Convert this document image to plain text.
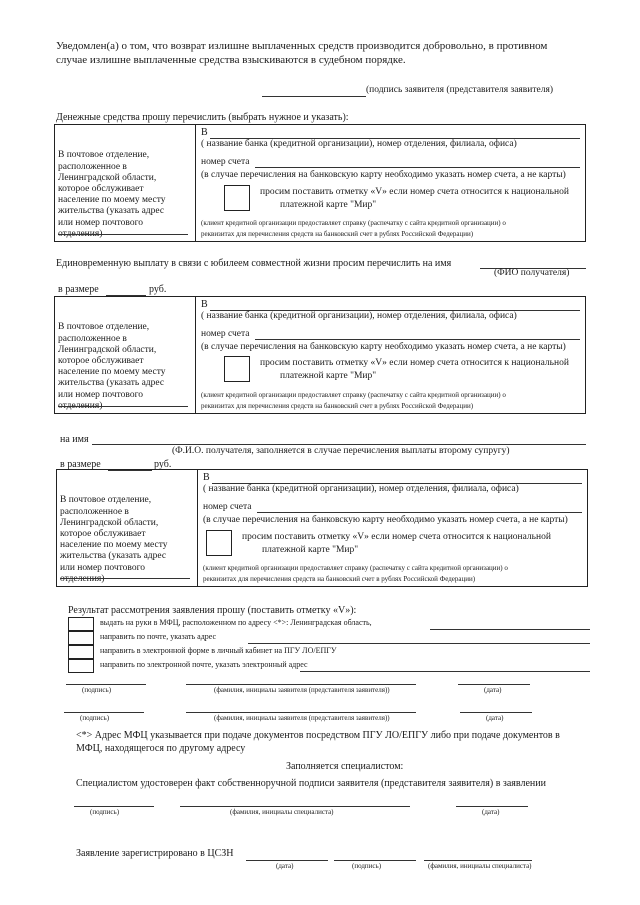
Уведомлен(а) о том, что возврат излишне выплаченных средств производится добровольно, в противном
случае излишне выплаченные средства взыскиваются в судебном порядке.
(подпись заявителя (представителя заявителя)
Денежные средства прошу перечислить (выбрать нужное и указать):

В почтовое отделение,
расположенное в
Ленинградской области,
которое обслуживает
население по моему месту
жительства (указать адрес
или номер почтового
отделения)

В
( название банка (кредитной организации), номер отделения, филиала, офиса)
номер счета
(в случае перечисления на банковскую карту необходимо указать номер счета, а не карты)
просим поставить отметку «V» если номер счета относится к национальной
платежной карте "Мир"
(клиент кредитной организации предоставляет справку (распечатку с сайта кредитной организации) о
реквизитах для перечисления средств на банковский счет в рублях Российской Федерации)
Единовременную выплату в связи с юбилеем совместной жизни просим перечислить на имя
(ФИО получателя)
в размере	руб.

В почтовое отделение,
расположенное в
Ленинградской области,
которое обслуживает
население по моему месту
жительства (указать адрес
или номер почтового
отделения)

В
( название банка (кредитной организации), номер отделения, филиала, офиса)
номер счета
(в случае перечисления на банковскую карту необходимо указать номер счета, а не карты)
просим поставить отметку «V» если номер счета относится к национальной
платежной карте "Мир"
(клиент кредитной организации предоставляет справку (распечатку с сайта кредитной организации) о
реквизитах для перечисления средств на банковский счет в рублях Российской Федерации)
на имя
(Ф.И.О. получателя, заполняется в случае перечисления выплаты второму супругу)
в размере	руб.

В почтовое отделение,
расположенное в
Ленинградской области,
которое обслуживает
население по моему месту
жительства (указать адрес
или номер почтового
отделения)

В
( название банка (кредитной организации), номер отделения, филиала, офиса)
номер счета
(в случае перечисления на банковскую карту необходимо указать номер счета, а не карты)
просим поставить отметку «V» если номер счета относится к национальной
платежной карте "Мир"
(клиент кредитной организации предоставляет справку (распечатку с сайта кредитной организации) о
реквизитах для перечисления средств на банковский счет в рублях Российской Федерации)
Результат рассмотрения заявления прошу (поставить отметку «V»):
выдать на руки в МФЦ, расположенном по адресу <*>: Ленинградская область,
направить по почте, указать адрес
направить в электронной форме в личный кабинет на ПГУ ЛО/ЕПГУ
направить по электронной почте, указать электронный адрес
(подпись)	(фамилия, инициалы заявителя (представителя заявителя))	(дата)
(подпись)	(фамилия, инициалы заявителя (представителя заявителя))	(дата)
<*> Адрес МФЦ указывается при подаче документов посредством ПГУ ЛО/ЕПГУ либо при подаче документов в
МФЦ, находящегося по другому адресу
Заполняется специалистом:
Специалистом удостоверен факт собственноручной подписи заявителя (представителя заявителя) в заявлении
(подпись)	(фамилия, инициалы специалиста)	(дата)
Заявление зарегистрировано в ЦСЗН
(дата)	(подпись)	(фамилия, инициалы специалиста)
